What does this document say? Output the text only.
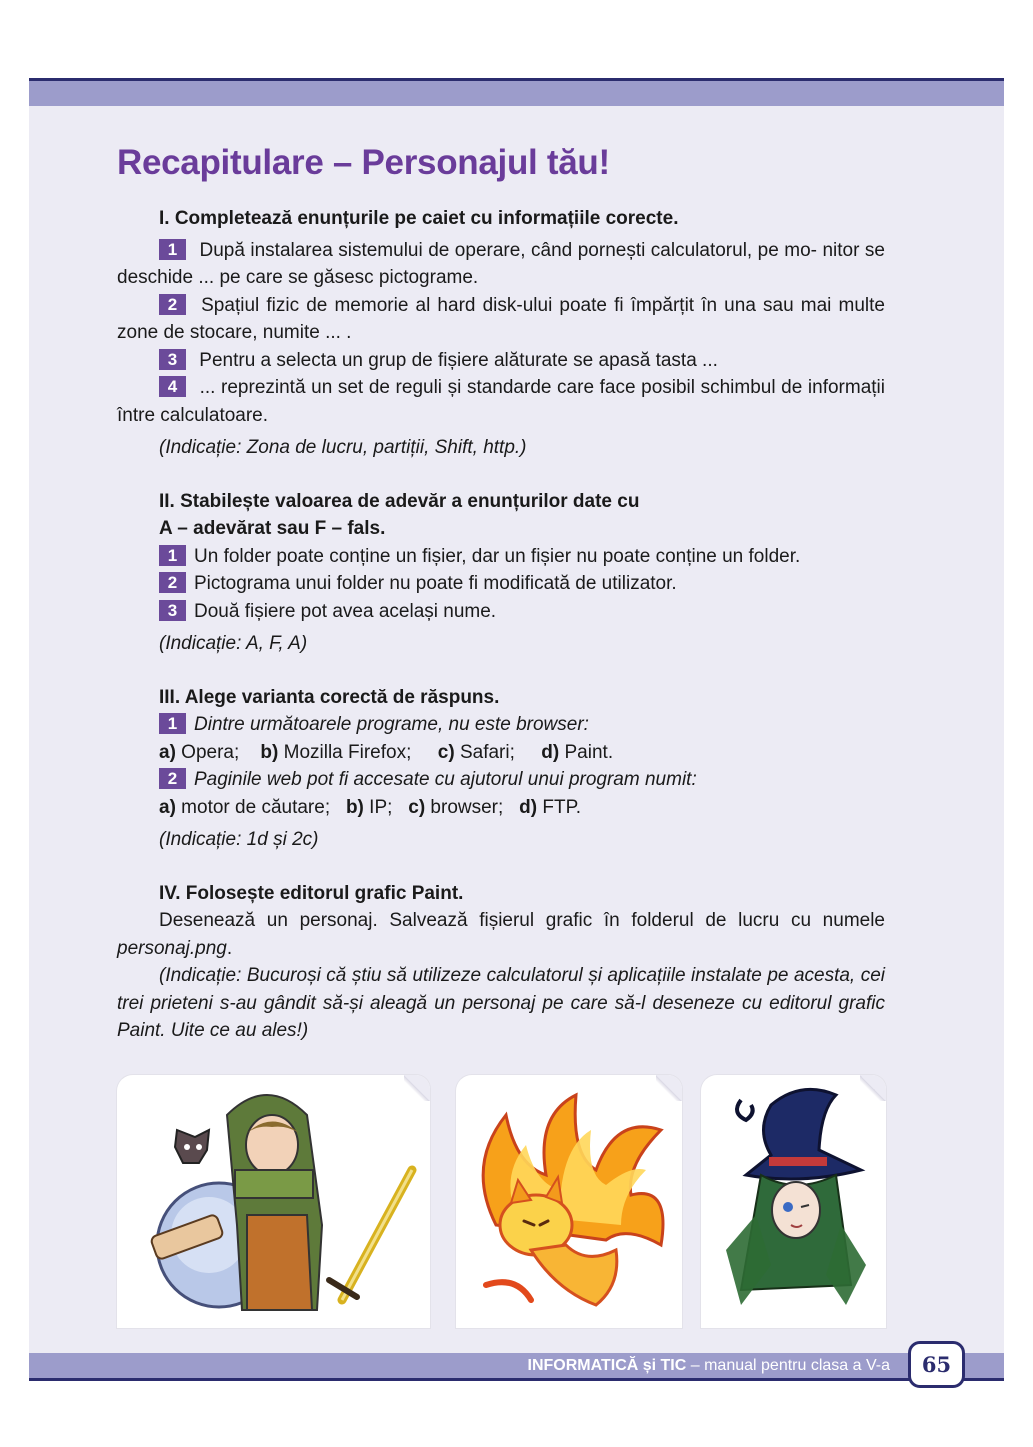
Recapitulare – Personajul tău!

I. Completează enunțurile pe caiet cu informațiile corecte.

1 După instalarea sistemului de operare, când pornești calculatorul, pe mo- nitor se deschide ... pe care se găsesc pictograme.

2 Spațiul fizic de memorie al hard disk-ului poate fi împărțit în una sau mai multe zone de stocare, numite ... .

3 Pentru a selecta un grup de fișiere alăturate se apasă tasta ...

4 ... reprezintă un set de reguli și standarde care face posibil schimbul de informații între calculatoare.

(Indicație: Zona de lucru, partiții, Shift, http.)

II. Stabilește valoarea de adevăr a enunțurilor date cu

A – adevărat sau F – fals.

1 Un folder poate conține un fișier, dar un fișier nu poate conține un folder.

2 Pictograma unui folder nu poate fi modificată de utilizator.

3 Două fișiere pot avea același nume.

(Indicație: A, F, A)

III. Alege varianta corectă de răspuns.

1 Dintre următoarele programe, nu este browser:

a) Opera; b) Mozilla Firefox; c) Safari; d) Paint.

2 Paginile web pot fi accesate cu ajutorul unui program numit:

a) motor de căutare; b) IP; c) browser; d) FTP.

(Indicație: 1d și 2c)

IV. Folosește editorul grafic Paint.

Desenează un personaj. Salvează fișierul grafic în folderul de lucru cu numele personaj.png.

(Indicație: Bucuroși că știu să utilizeze calculatorul și aplicațiile instalate pe acesta, cei trei prieteni s-au gândit să-și aleagă un personaj pe care să-l deseneze cu editorul grafic Paint. Uite ce au ales!)

INFORMATICĂ și TIC – manual pentru clasa a V-a	65
